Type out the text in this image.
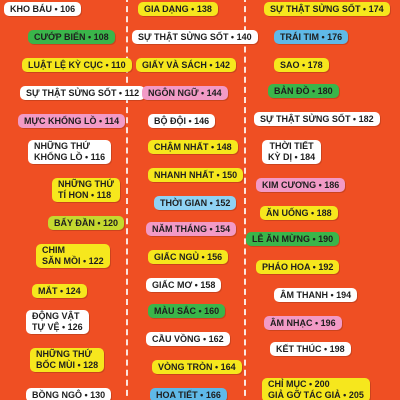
KHO BÁU • 106
CƯỚP BIỂN • 108
LUẬT LỆ KỲ CỤC • 110
SỰ THẬT SỬNG SỐT • 112
MỰC KHỔNG LỒ • 114
NHỮNG THỨ
KHỔNG LỒ • 116
NHỮNG THỨ
TÍ HON • 118
BẨY ĐẦN • 120
CHIM
SĂN MỒI • 122
MẮT • 124
ĐỘNG VẬT
TỰ VỆ • 126
NHỮNG THỨ
BỐC MÙI • 128
BỒNG NGÔ • 130
GIA DẠNG • 138
SỰ THẬT SỬNG SỐT • 140
GIẤY VÀ SÁCH • 142
NGÔN NGỮ • 144
BỘ ĐỘI • 146
CHẬM NHẤT • 148
NHANH NHẤT • 150
THỜI GIAN • 152
NĂM THÁNG • 154
GIẤC NGỦ • 156
GIẤC MƠ • 158
MÀU SẮC • 160
CẦU VỒNG • 162
VÒNG TRÒN • 164
HOA TIẾT • 166
SỰ THẬT SỬNG SỐT • 174
TRÁI TIM • 176
SAO • 178
BẢN ĐỒ • 180
SỰ THẬT SỬNG SỐT • 182
THỜI TIẾT
KỲ DỊ • 184
KIM CƯƠNG • 186
ĂN UỐNG • 188
LỄ ĂN MỪNG • 190
PHÁO HOA • 192
ÂM THANH • 194
ÂM NHẠC • 196
KẾT THÚC • 198
CHỈ MỤC • 200
GIẢ GỠ TÁC GIẢ • 205
